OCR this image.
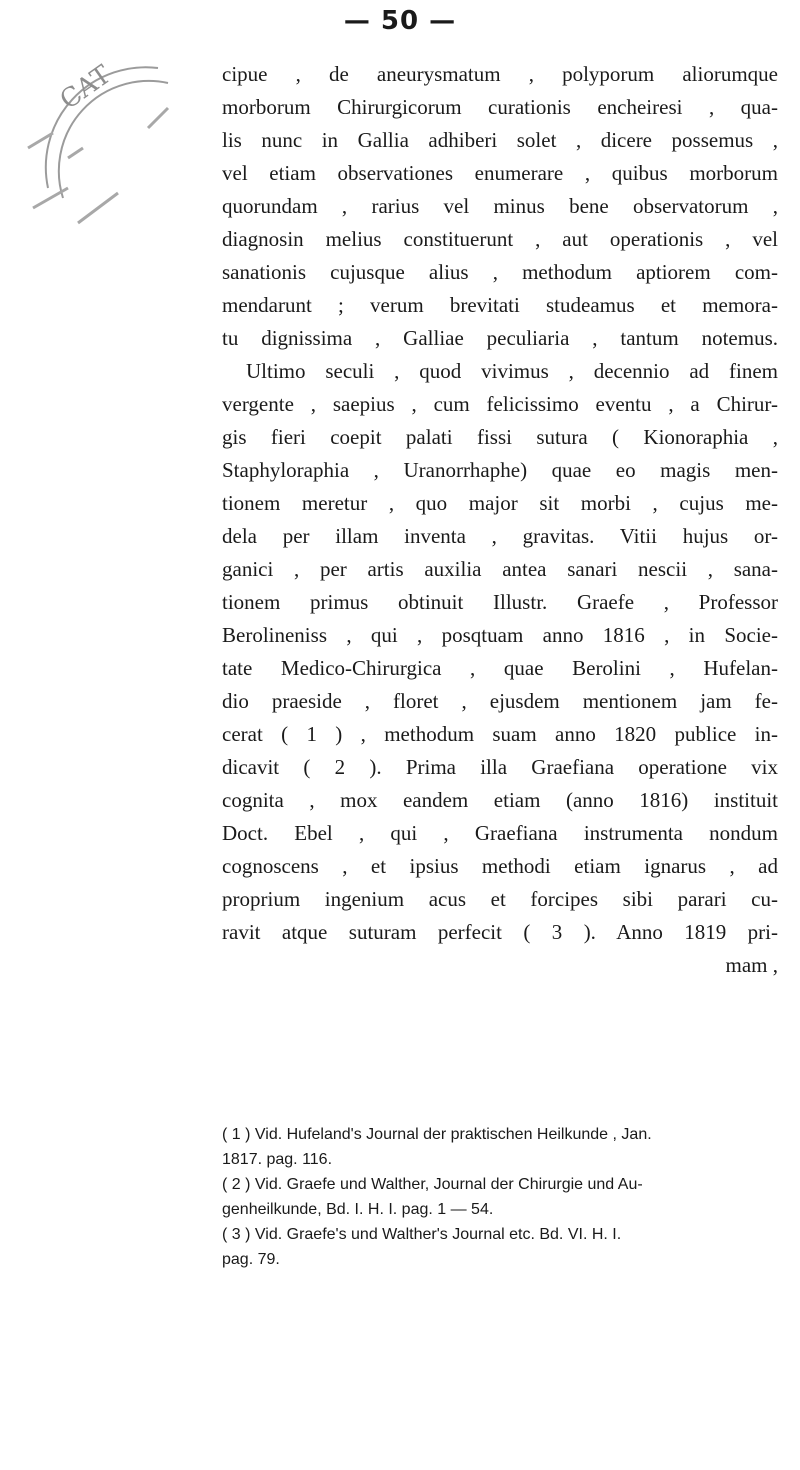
— 50 —
CAT	cipue , de aneurysmatum , polyporum aliorumque
morborum Chirurgicorum curationis encheiresi , qua-
lis nunc in Gallia adhiberi solet , dicere possemus ,
vel etiam observationes enumerare , quibus morborum
quorundam , rarius vel minus bene observatorum ,
diagnosin melius constituerunt , aut operationis , vel
sanationis cujusque alius , methodum aptiorem com-
mendarunt ; verum brevitati studeamus et memora-
tu dignissima , Galliae peculiaria , tantum notemus.
Ultimo seculi , quod vivimus , decennio ad finem
vergente , saepius , cum felicissimo eventu , a Chirur-
gis fieri coepit palati fissi sutura ( Kionoraphia ,
Staphyloraphia , Uranorrhaphe) quae eo magis men-
tionem meretur , quo major sit morbi , cujus me-
dela per illam inventa , gravitas. Vitii hujus or-
ganici , per artis auxilia antea sanari nescii , sana-
tionem primus obtinuit Illustr. Graefe , Professor
Berolineniss , qui , posqtuam anno 1816 , in Socie-
tate Medico-Chirurgica , quae Berolini , Hufelan-
dio praeside , floret , ejusdem mentionem jam fe-
cerat ( 1 ) , methodum suam anno 1820 publice in-
dicavit ( 2 ). Prima illa Graefiana operatione vix
cognita , mox eandem etiam (anno 1816) instituit
Doct. Ebel , qui , Graefiana instrumenta nondum
cognoscens , et ipsius methodi etiam ignarus , ad
proprium ingenium acus et forcipes sibi parari cu-
ravit atque suturam perfecit ( 3 ). Anno 1819 pri-
mam ,
( 1 ) Vid. Hufeland's Journal der praktischen Heilkunde , Jan.
1817. pag. 116.
( 2 ) Vid. Graefe und Walther, Journal der Chirurgie und Au-
genheilkunde, Bd. I. H. I. pag. 1 — 54.
( 3 ) Vid. Graefe's und Walther's Journal etc. Bd. VI. H. I.
pag. 79.
